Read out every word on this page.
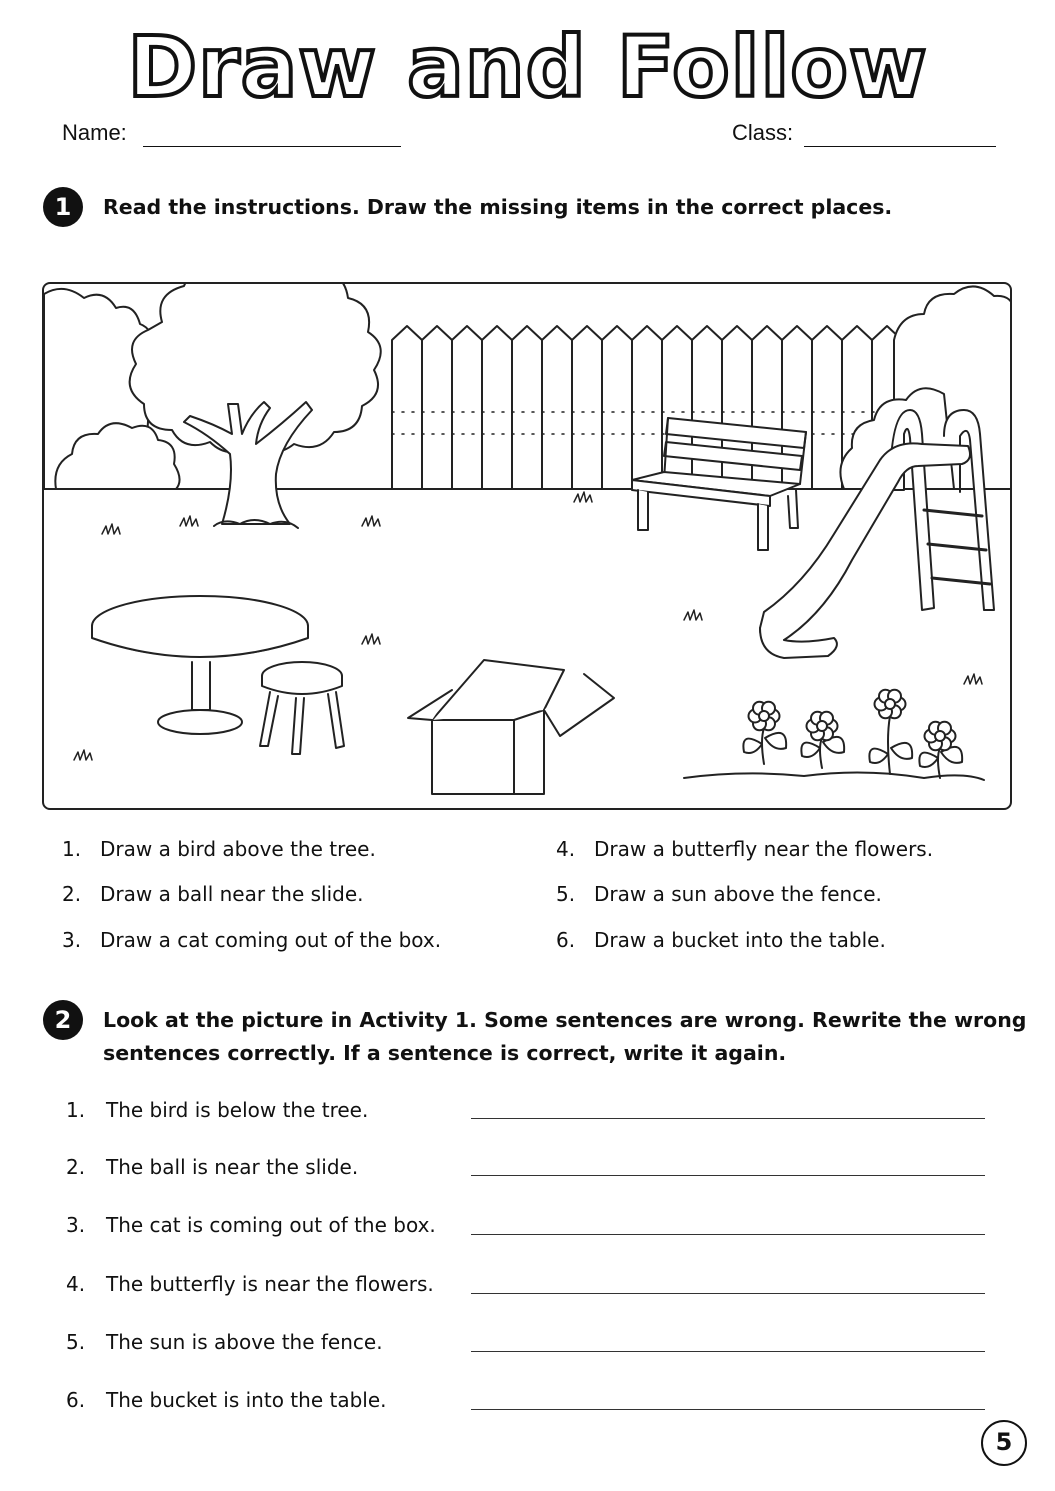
Draw and Follow
Name:	Class:
1	Read the instructions. Draw the missing items in the correct places.
1. Draw a bird above the tree.
2. Draw a ball near the slide.
3. Draw a cat coming out of the box.
4. Draw a butterfly near the flowers.
5. Draw a sun above the fence.
6. Draw a bucket into the table.
2	Look at the picture in Activity 1. Some sentences are wrong. Rewrite the wrong
sentences correctly. If a sentence is correct, write it again.
1. The bird is below the tree.
2. The ball is near the slide.
3. The cat is coming out of the box.
4. The butterfly is near the flowers.
5. The sun is above the fence.
6. The bucket is into the table.
5
